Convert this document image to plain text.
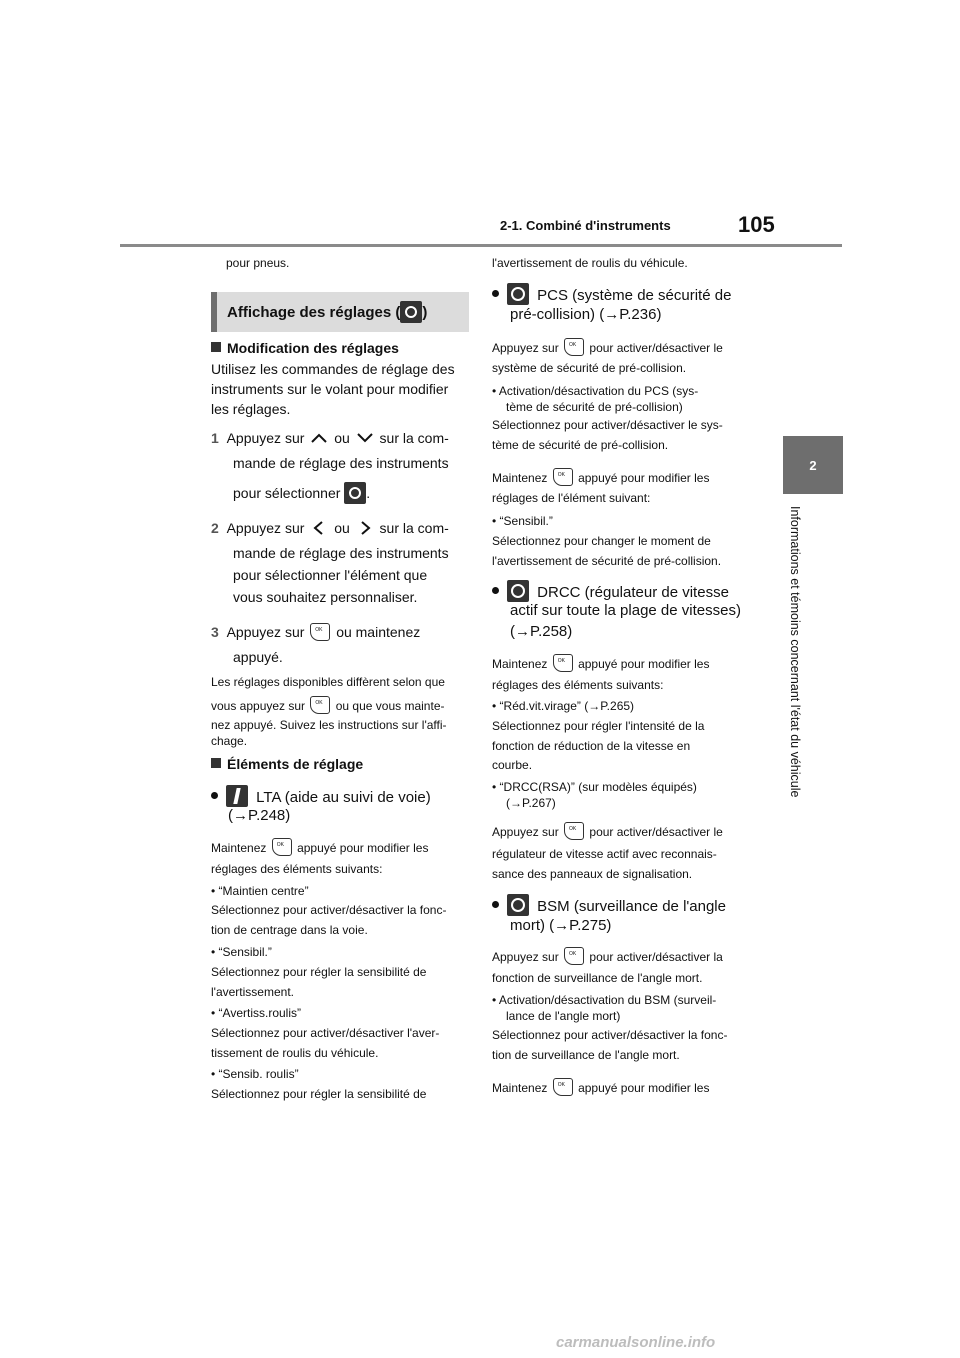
2-1. Combiné d'instruments	105
2
Informations et témoins concernant l'état du véhicule
pour pneus.
Affichage des réglages ( )
Modification des réglages
Utilisez les commandes de réglage des
instruments sur le volant pour modifier
les réglages.
1 Appuyez sur ou sur la com-
mande de réglage des instruments
pour sélectionner .
2 Appuyez sur ou sur la com-
mande de réglage des instruments
pour sélectionner l'élément que
vous souhaitez personnaliser.
3 Appuyez sur OK ou maintenez
appuyé.
Les réglages disponibles diffèrent selon que
vous appuyez sur OK	ou que vous mainte-
nez appuyé. Suivez les instructions sur l'affi-
chage.
Éléments de réglage
LTA (aide au suivi de voie)
(→P.248)
Maintenez OK	appuyé pour modifier les
réglages des éléments suivants:
• “Maintien centre”
Sélectionnez pour activer/désactiver la fonc-
tion de centrage dans la voie.
• “Sensibil.”
Sélectionnez pour régler la sensibilité de
l'avertissement.
• “Avertiss.roulis”
Sélectionnez pour activer/désactiver l'aver-
tissement de roulis du véhicule.
• “Sensib. roulis”
Sélectionnez pour régler la sensibilité de
l'avertissement de roulis du véhicule.
PCS (système de sécurité de
pré-collision) (→P.236)
Appuyez sur OK	pour activer/désactiver le
système de sécurité de pré-collision.
• Activation/désactivation du PCS (sys-
tème de sécurité de pré-collision)
Sélectionnez pour activer/désactiver le sys-
tème de sécurité de pré-collision.
Maintenez OK	appuyé pour modifier les
réglages de l'élément suivant:
• “Sensibil.”
Sélectionnez pour changer le moment de
l'avertissement de sécurité de pré-collision.
DRCC (régulateur de vitesse
actif sur toute la plage de vitesses)
(→P.258)
Maintenez OK	appuyé pour modifier les
réglages des éléments suivants:
• “Réd.vit.virage” (→P.265)
Sélectionnez pour régler l'intensité de la
fonction de réduction de la vitesse en
courbe.
• “DRCC(RSA)” (sur modèles équipés)
(→P.267)
Appuyez sur OK	pour activer/désactiver le
régulateur de vitesse actif avec reconnais-
sance des panneaux de signalisation.
BSM (surveillance de l'angle
mort) (→P.275)
Appuyez sur OK	pour activer/désactiver la
fonction de surveillance de l'angle mort.
• Activation/désactivation du BSM (surveil-
lance de l'angle mort)
Sélectionnez pour activer/désactiver la fonc-
tion de surveillance de l'angle mort.
Maintenez OK	appuyé pour modifier les
carmanualsonline.info
